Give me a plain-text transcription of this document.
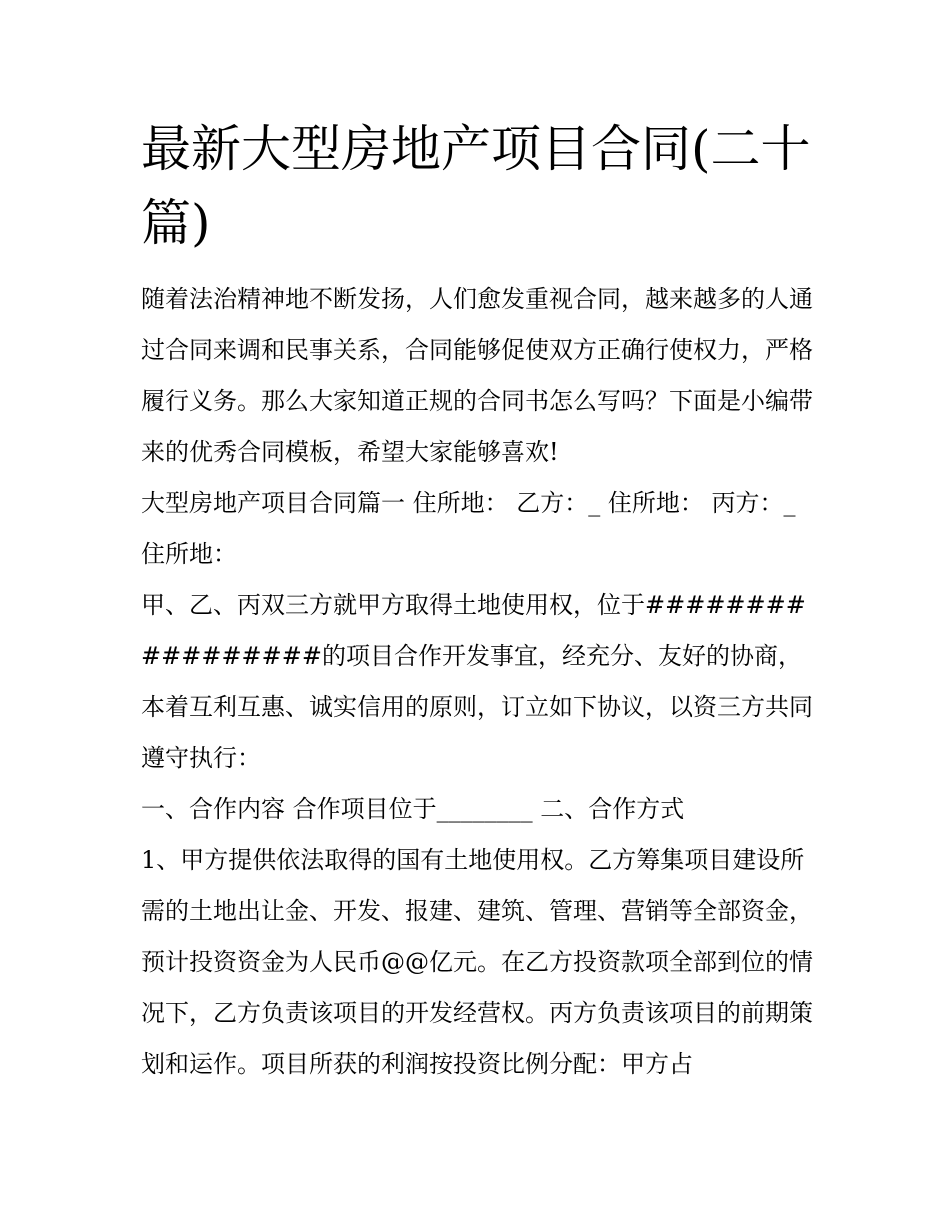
最新大型房地产项目合同(二十篇)

随着法治精神地不断发扬，人们愈发重视合同，越来越多的人通过合同来调和民事关系，合同能够促使双方正确行使权力，严格履行义务。那么大家知道正规的合同书怎么写吗？下面是小编带来的优秀合同模板，希望大家能够喜欢!

大型房地产项目合同篇一 住所地： 乙方：_ 住所地： 丙方：_ 住所地：

甲、乙、丙双三方就甲方取得土地使用权，位于#################的项目合作开发事宜，经充分、友好的协商，本着互利互惠、诚实信用的原则，订立如下协议，以资三方共同遵守执行：

一、合作内容 合作项目位于________ 二、合作方式

1、甲方提供依法取得的国有土地使用权。乙方筹集项目建设所需的土地出让金、开发、报建、建筑、管理、营销等全部资金，预计投资资金为人民币@@亿元。在乙方投资款项全部到位的情况下，乙方负责该项目的开发经营权。丙方负责该项目的前期策划和运作。项目所获的利润按投资比例分配：甲方占
